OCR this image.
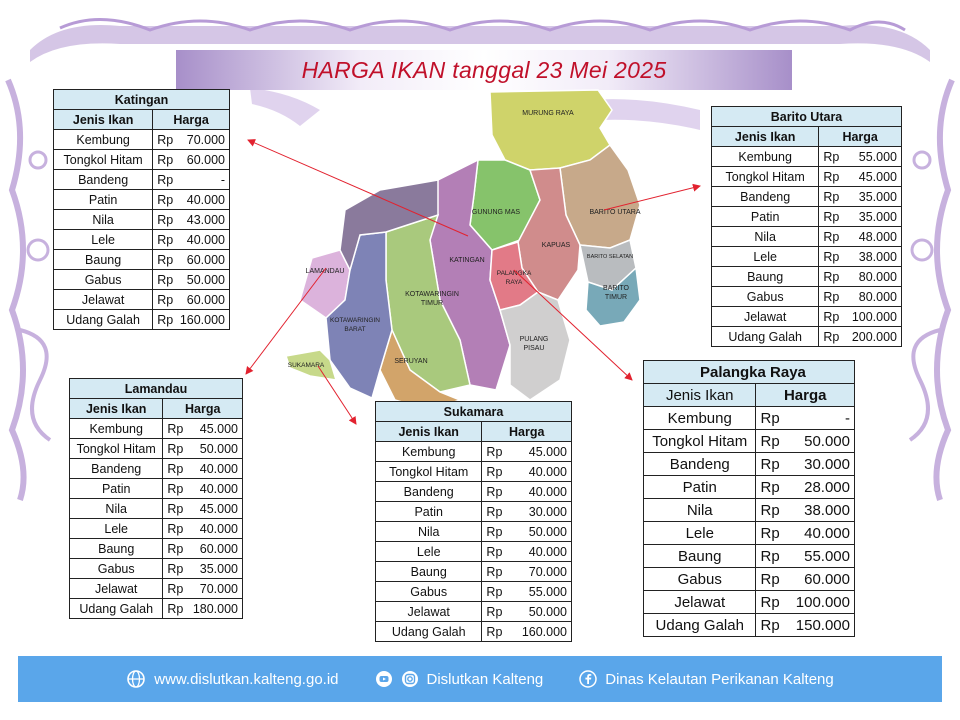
HARGA IKAN tanggal 23 Mei 2025
MURUNG RAYA
BARITO UTARA
GUNUNG MAS
KAPUAS
BARITO SELATAN
BARITO
TIMUR
KATINGAN
PALANGKA
RAYA
LAMANDAU
KOTAWARINGIN
TIMUR
KOTAWARINGIN
BARAT
PULANG
PISAU
SERUYAN
SUKAMARA
Katingan	
Jenis Ikan	Harga
Kembung	Rp 70.000

Tongkol Hitam	Rp 60.000

Bandeng	Rp -

Patin	Rp 40.000

Nila	Rp 43.000

Lele	Rp 40.000

Baung	Rp 60.000

Gabus	Rp 50.000

Jelawat	Rp 60.000

Udang Galah	Rp 160.000
Barito Utara	
Jenis Ikan	Harga
Kembung	Rp 55.000

Tongkol Hitam	Rp 45.000

Bandeng	Rp 35.000

Patin	Rp 35.000

Nila	Rp 48.000

Lele	Rp 38.000

Baung	Rp 80.000

Gabus	Rp 80.000

Jelawat	Rp 100.000

Udang Galah	Rp 200.000
Lamandau	
Jenis Ikan	Harga
Kembung	Rp 45.000

Tongkol Hitam	Rp 50.000

Bandeng	Rp 40.000

Patin	Rp 40.000

Nila	Rp 45.000

Lele	Rp 40.000

Baung	Rp 60.000

Gabus	Rp 35.000

Jelawat	Rp 70.000

Udang Galah	Rp 180.000
Sukamara	
Jenis Ikan	Harga
Kembung	Rp 45.000

Tongkol Hitam	Rp 40.000

Bandeng	Rp 40.000

Patin	Rp 30.000

Nila	Rp 50.000

Lele	Rp 40.000

Baung	Rp 70.000

Gabus	Rp 55.000

Jelawat	Rp 50.000

Udang Galah	Rp 160.000
Palangka Raya	
Jenis Ikan	Harga
Kembung	Rp -

Tongkol Hitam	Rp 50.000

Bandeng	Rp 30.000

Patin	Rp 28.000

Nila	Rp 38.000

Lele	Rp 40.000

Baung	Rp 55.000

Gabus	Rp 60.000

Jelawat	Rp 100.000

Udang Galah	Rp 150.000
www.dislutkan.kalteng.go.id	Dislutkan Kalteng	Dinas Kelautan Perikanan Kalteng
